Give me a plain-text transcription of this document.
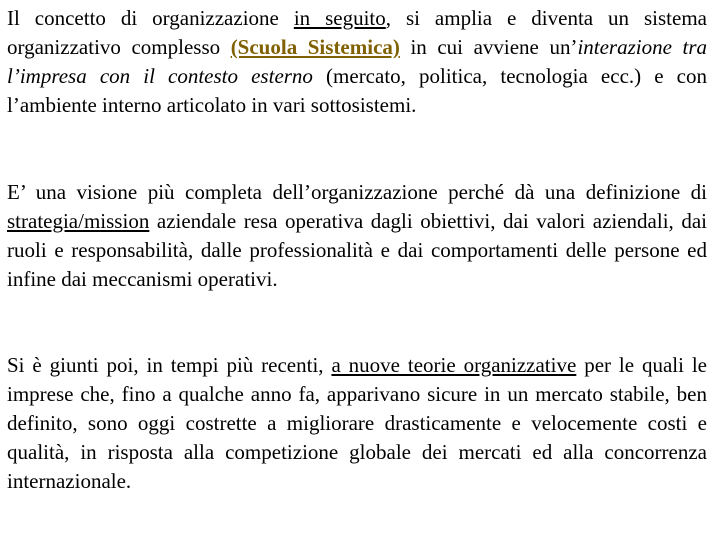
Il concetto di organizzazione in seguito, si amplia e diventa un sistema organizzativo complesso (Scuola Sistemica) in cui avviene un’interazione tra l’impresa con il contesto esterno (mercato, politica, tecnologia ecc.) e con l’ambiente interno articolato in vari sottosistemi.

E’ una visione più completa dell’organizzazione perché dà una definizione di strategia/mission aziendale resa operativa dagli obiettivi, dai valori aziendali, dai ruoli e responsabilità, dalle professionalità e dai comportamenti delle persone ed infine dai meccanismi operativi.

Si è giunti poi, in tempi più recenti, a nuove teorie organizzative per le quali le imprese che, fino a qualche anno fa, apparivano sicure in un mercato stabile, ben definito, sono oggi costrette a migliorare drasticamente e velocemente costi e qualità, in risposta alla competizione globale dei mercati ed alla concorrenza internazionale.
